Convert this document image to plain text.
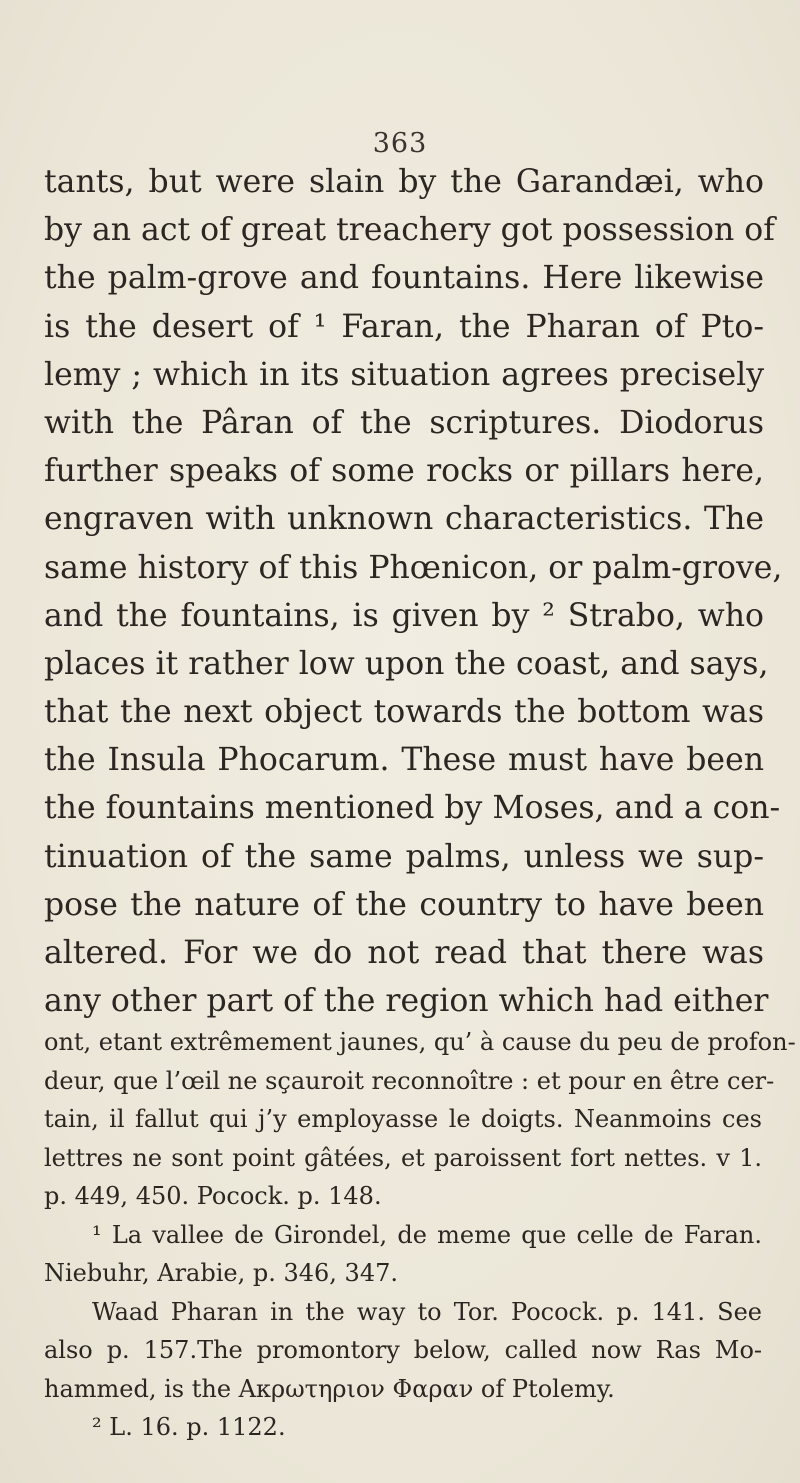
363
tants, but were slain by the Garandæi, who
by an act of great treachery got possession of
the palm-grove and fountains. Here likewise
is the desert of ¹ Faran, the Pharan of Pto-
lemy ; which in its situation agrees precisely
with the Pâran of the scriptures. Diodorus
further speaks of some rocks or pillars here,
engraven with unknown characteristics. The
same history of this Phœnicon, or palm-grove,
and the fountains, is given by ² Strabo, who
places it rather low upon the coast, and says,
that the next object towards the bottom was
the Insula Phocarum. These must have been
the fountains mentioned by Moses, and a con-
tinuation of the same palms, unless we sup-
pose the nature of the country to have been
altered. For we do not read that there was
any other part of the region which had either
ont, etant extrêmement jaunes, qu’ à cause du peu de profon-
deur, que l’œil ne sçauroit reconnoître : et pour en être cer-
tain, il fallut qui j’y employasse le doigts. Neanmoins ces
lettres ne sont point gâtées, et paroissent fort nettes. v 1.
p. 449, 450. Pocock. p. 148.
¹ La vallee de Girondel, de meme que celle de Faran.
Niebuhr, Arabie, p. 346, 347.
Waad Pharan in the way to Tor. Pocock. p. 141. See
also p. 157.The promontory below, called now Ras Mo-
hammed, is the Ακρωτηριον Φαραν of Ptolemy.
² L. 16. p. 1122.
